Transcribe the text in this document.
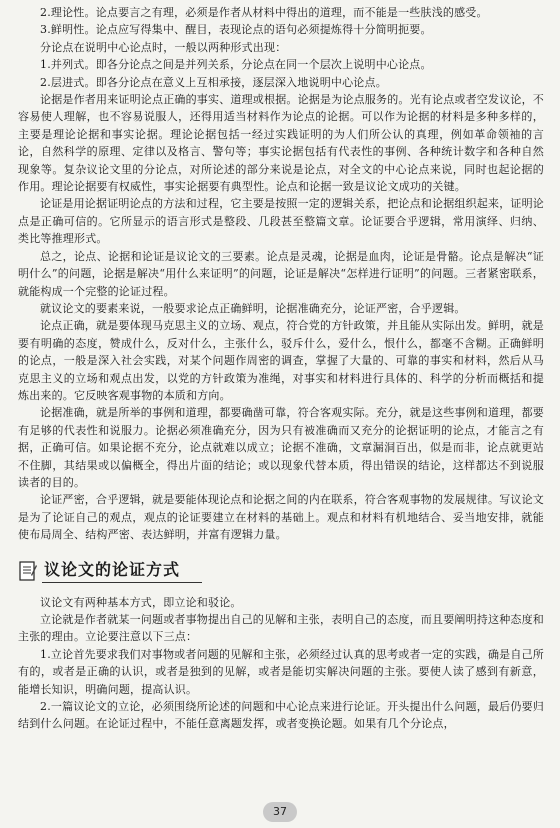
2.理论性。论点要言之有理，必须是作者从材料中得出的道理，而不能是一些肤浅的感受。

3.鲜明性。论点应写得集中、醒目，表现论点的语句必须提炼得十分简明扼要。

分论点在说明中心论点时，一般以两种形式出现：

1.并列式。即各分论点之间是并列关系，分论点在同一个层次上说明中心论点。

2.层进式。即各分论点在意义上互相承接，逐层深入地说明中心论点。

论据是作者用来证明论点正确的事实、道理或根据。论据是为论点服务的。光有论点或者空发议论，不容易使人理解，也不容易说服人，还得用适当材料作为论点的论据。可以作为论据的材料是多种多样的，主要是理论论据和事实论据。理论论据包括一经过实践证明的为人们所公认的真理，例如革命领袖的言论，自然科学的原理、定律以及格言、警句等；事实论据包括有代表性的事例、各种统计数字和各种自然现象等。复杂议论文里的分论点，对所论述的部分来说是论点，对全文的中心论点来说，同时也起论据的作用。理论论据要有权威性，事实论据要有典型性。论点和论据一致是议论文成功的关键。

论证是用论据证明论点的方法和过程，它主要是按照一定的逻辑关系，把论点和论据组织起来，证明论点是正确可信的。它所显示的语言形式是整段、几段甚至整篇文章。论证要合乎逻辑，常用演绎、归纳、类比等推理形式。

总之，论点、论据和论证是议论文的三要素。论点是灵魂，论据是血肉，论证是骨骼。论点是解决“证明什么”的问题，论据是解决“用什么来证明”的问题，论证是解决“怎样进行证明”的问题。三者紧密联系，就能构成一个完整的论证过程。

就议论文的要素来说，一般要求论点正确鲜明，论据准确充分，论证严密，合乎逻辑。

论点正确，就是要体现马克思主义的立场、观点，符合党的方针政策，并且能从实际出发。鲜明，就是要有明确的态度，赞成什么，反对什么，主张什么，驳斥什么，爱什么，恨什么，都毫不含糊。正确鲜明的论点，一般是深入社会实践，对某个问题作周密的调查，掌握了大量的、可靠的事实和材料，然后从马克思主义的立场和观点出发，以党的方针政策为准绳，对事实和材料进行具体的、科学的分析而概括和提炼出来的。它反映客观事物的本质和方向。

论据准确，就是所举的事例和道理，都要确凿可靠，符合客观实际。充分，就是这些事例和道理，都要有足够的代表性和说服力。论据必须准确充分，因为只有被准确而又充分的论据证明的论点，才能言之有据，正确可信。如果论据不充分，论点就难以成立；论据不准确，文章漏洞百出，似是而非，论点就更站不住脚，其结果或以偏概全，得出片面的结论；或以现象代替本质，得出错误的结论，这样都达不到说服读者的目的。

论证严密，合乎逻辑，就是要能体现论点和论据之间的内在联系，符合客观事物的发展规律。写议论文是为了论证自己的观点，观点的论证要建立在材料的基础上。观点和材料有机地结合、妥当地安排，就能使布局周全、结构严密、表达鲜明，并富有逻辑力量。

议论文的论证方式

议论文有两种基本方式，即立论和驳论。

立论就是作者就某一问题或者事物提出自己的见解和主张，表明自己的态度，而且要阐明持这种态度和主张的理由。立论要注意以下三点：

1.立论首先要求我们对事物或者问题的见解和主张，必须经过认真的思考或者一定的实践，确是自己所有的，或者是正确的认识，或者是独到的见解，或者是能切实解决问题的主张。要使人读了感到有新意，能增长知识，明确问题，提高认识。

2.一篇议论文的立论，必须围绕所论述的问题和中心论点来进行论证。开头提出什么问题，最后仍要归结到什么问题。在论证过程中，不能任意离题发挥，或者变换论题。如果有几个分论点，

37
